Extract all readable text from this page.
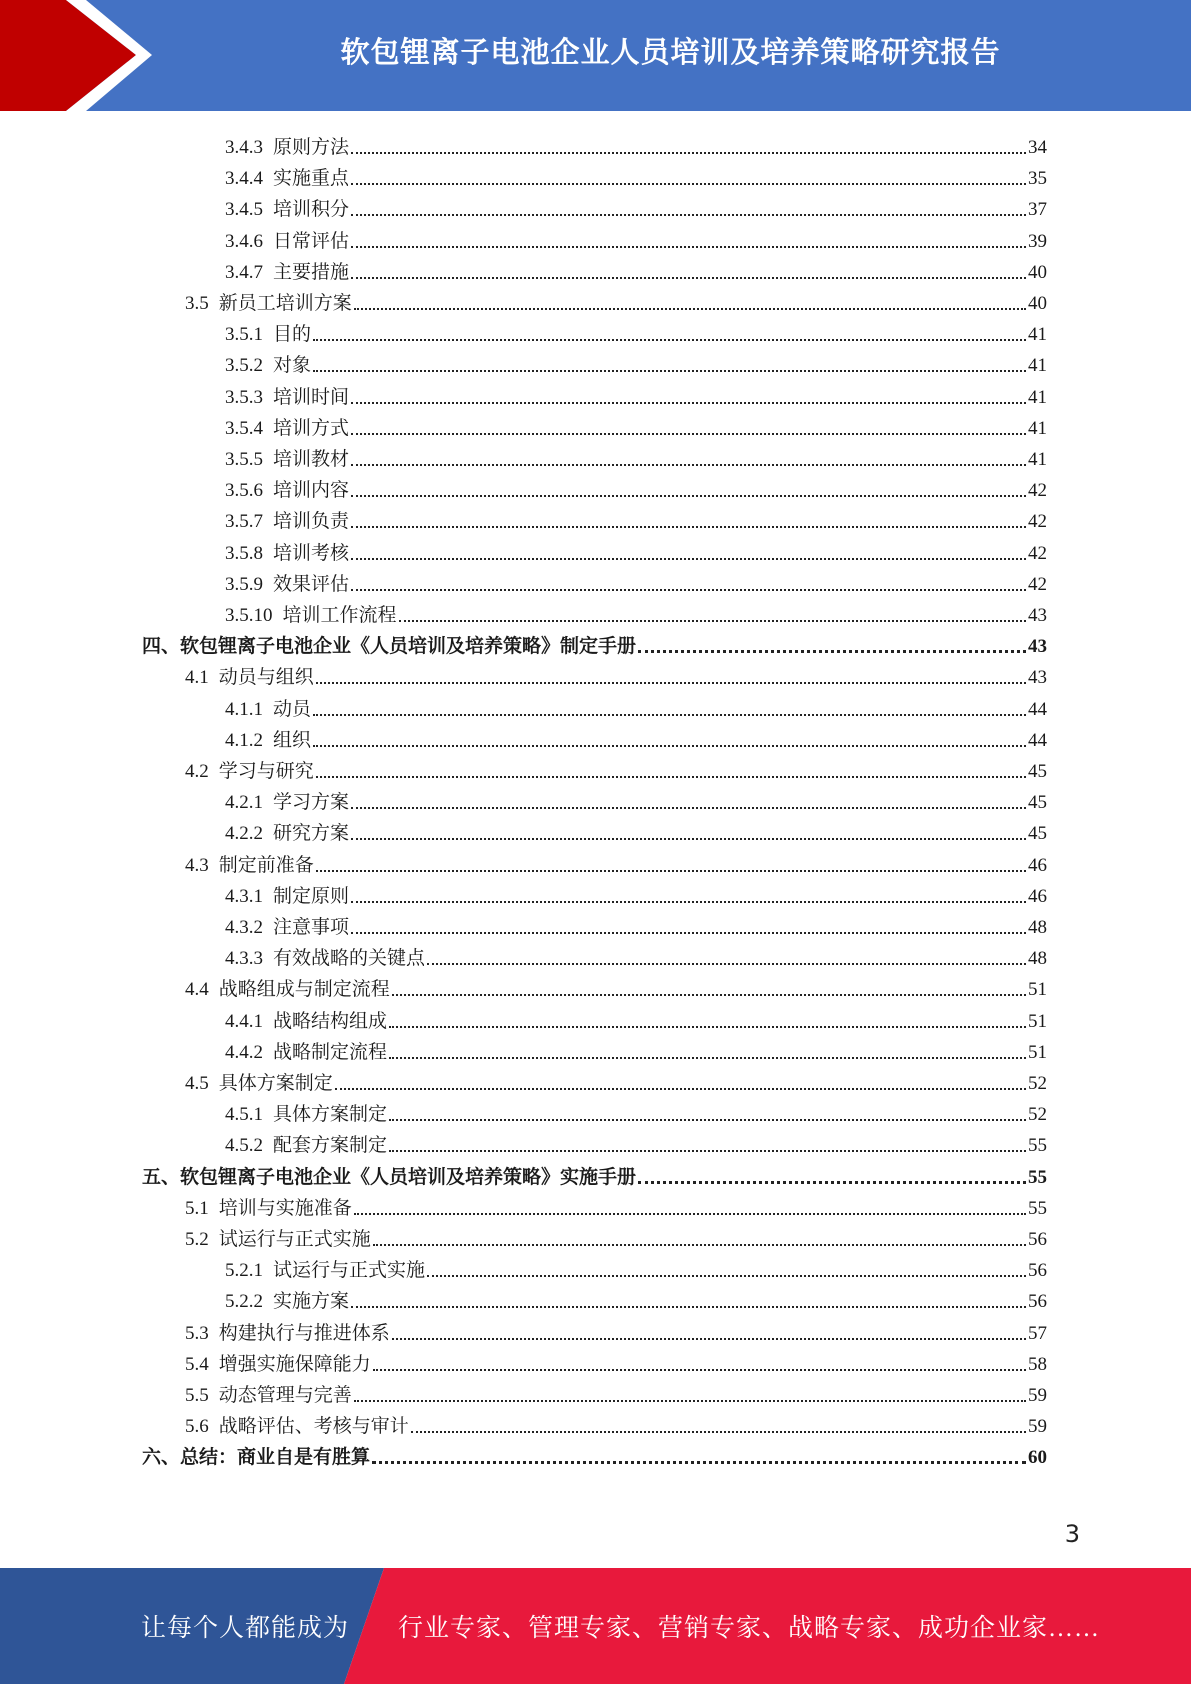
软包锂离子电池企业人员培训及培养策略研究报告
3.4.3 原则方法	34
3.4.4 实施重点	35
3.4.5 培训积分	37
3.4.6 日常评估	39
3.4.7 主要措施	40
3.5 新员工培训方案	40
3.5.1 目的	41
3.5.2 对象	41
3.5.3 培训时间	41
3.5.4 培训方式	41
3.5.5 培训教材	41
3.5.6 培训内容	42
3.5.7 培训负责	42
3.5.8 培训考核	42
3.5.9 效果评估	42
3.5.10 培训工作流程	43
四、软包锂离子电池企业《人员培训及培养策略》制定手册	43
4.1 动员与组织	43
4.1.1 动员	44
4.1.2 组织	44
4.2 学习与研究	45
4.2.1 学习方案	45
4.2.2 研究方案	45
4.3 制定前准备	46
4.3.1 制定原则	46
4.3.2 注意事项	48
4.3.3 有效战略的关键点	48
4.4 战略组成与制定流程	51
4.4.1 战略结构组成	51
4.4.2 战略制定流程	51
4.5 具体方案制定	52
4.5.1 具体方案制定	52
4.5.2 配套方案制定	55
五、软包锂离子电池企业《人员培训及培养策略》实施手册	55
5.1 培训与实施准备	55
5.2 试运行与正式实施	56
5.2.1 试运行与正式实施	56
5.2.2 实施方案	56
5.3 构建执行与推进体系	57
5.4 增强实施保障能力	58
5.5 动态管理与完善	59
5.6 战略评估、考核与审计	59
六、总结：商业自是有胜算	60
3
让每个人都能成为 行业专家、管理专家、营销专家、战略专家、成功企业家……
